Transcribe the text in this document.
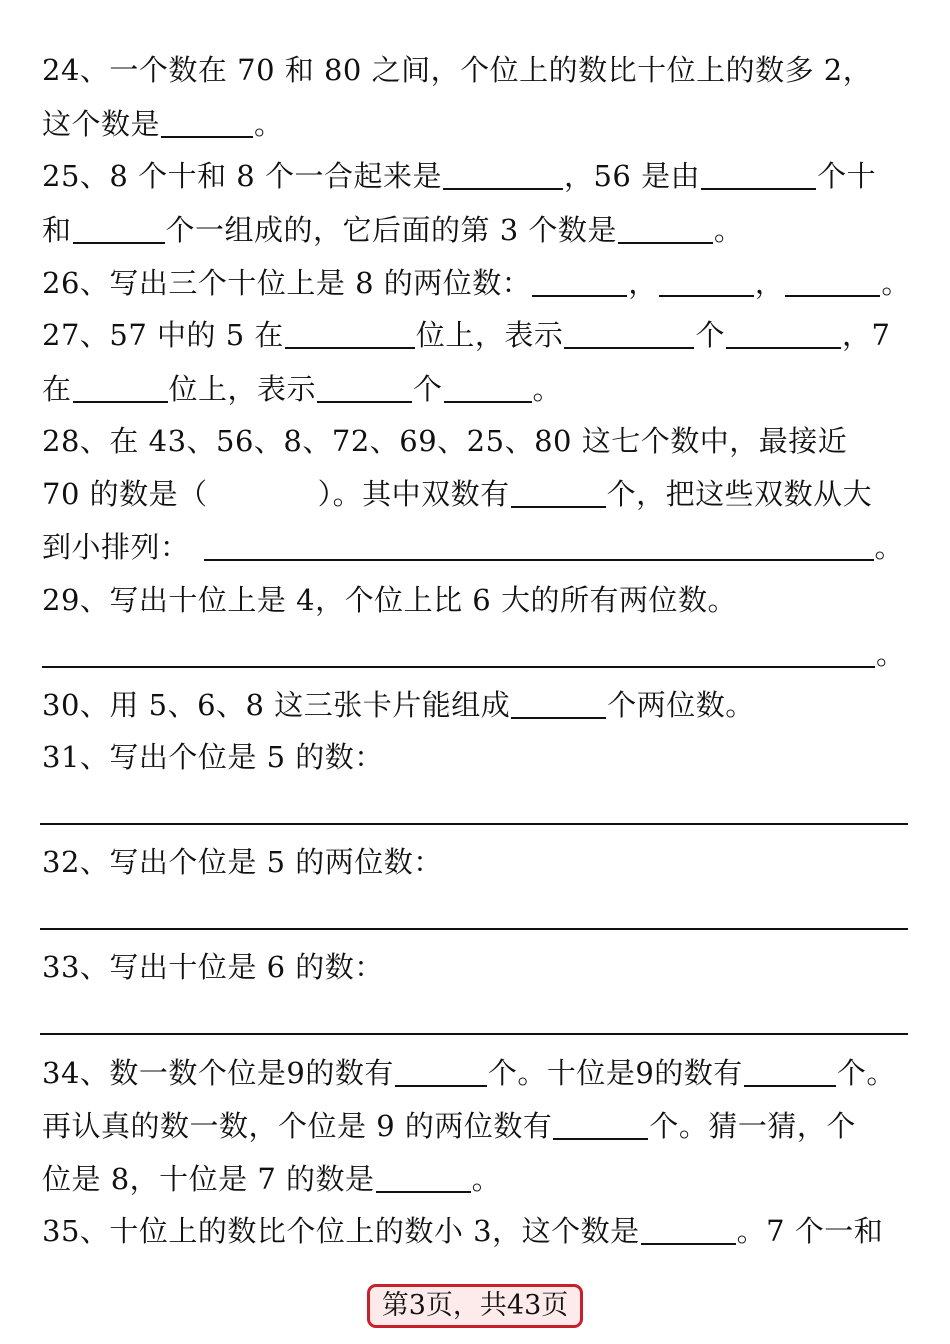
24、一个数在 70 和 80 之间，个位上的数比十位上的数多 2，
这个数是	。
25、8 个十和 8 个一合起来是	，56 是由	个十
和	个一组成的，它后面的第 3 个数是	。
26、写出三个十位上是 8 的两位数：	，	，	。
27、57 中的 5 在	位上，表示	个	，7
在	位上，表示	个	。
28、在 43、56、8、72、69、25、80 这七个数中，最接近
70 的数是（	）。其中双数有	个，把这些双数从大
到小排列：	。
29、写出十位上是 4，个位上比 6 大的所有两位数。
。
30、用 5、6、8 这三张卡片能组成	个两位数。
31、写出个位是 5 的数：
32、写出个位是 5 的两位数：
33、写出十位是 6 的数：
34、数一数个位是9的数有	个。十位是9的数有	个。
再认真的数一数，个位是 9 的两位数有	个。猜一猜，个
位是 8，十位是 7 的数是	。
35、十位上的数比个位上的数小 3，这个数是	。7 个一和
第3页，共43页
